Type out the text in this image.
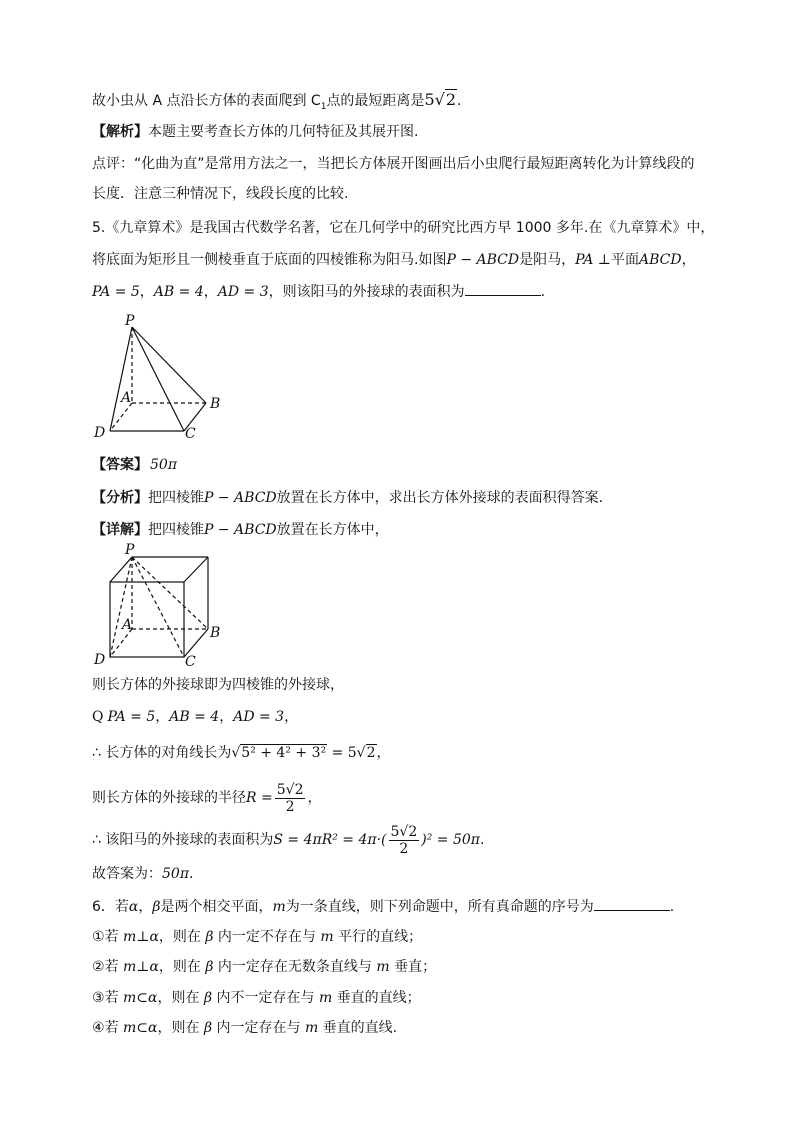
故小虫从 A 点沿长方体的表面爬到 $C_1$点的最短距离是5√2.
【解析】本题主要考查长方体的几何特征及其展开图.
点评：“化曲为直”是常用方法之一，当把长方体展开图画出后小虫爬行最短距离转化为计算线段的
长度．注意三种情况下，线段长度的比较.
5.《九章算术》是我国古代数学名著，它在几何学中的研究比西方早 1000 多年.在《九章算术》中，
将底面为矩形且一侧棱垂直于底面的四棱锥称为阳马.如图P − ABCD是阳马，PA ⊥平面ABCD，
PA = 5，AB = 4，AD = 3，则该阳马的外接球的表面积为	.
P
A	B
C
D
【答案】 50π
【分析】把四棱锥P − ABCD放置在长方体中，求出长方体外接球的表面积得答案.
【详解】把四棱锥P − ABCD放置在长方体中，
P
A	B
C
D
则长方体的外接球即为四棱锥的外接球，
Q PA = 5，AB = 4，AD = 3，
∴ 长方体的对角线长为√5² + 4² + 3² = 5√2，
则长方体的外接球的半径 $R = \frac{5√2}{2}$ ，
∴ 该阳马的外接球的表面积为 $S = 4\pi R^2 = 4\pi\cdot( \frac{5√2}{2} )^2 = 50\pi$ .
故答案为：50π.
6．若α，β是两个相交平面，m为一条直线，则下列命题中，所有真命题的序号为	.
①若 m⊥α，则在 β 内一定不存在与 m 平行的直线；
②若 m⊥α，则在 β 内一定存在无数条直线与 m 垂直；
③若 m⊂α，则在 β 内不一定存在与 m 垂直的直线；
④若 m⊂α，则在 β 内一定存在与 m 垂直的直线.
